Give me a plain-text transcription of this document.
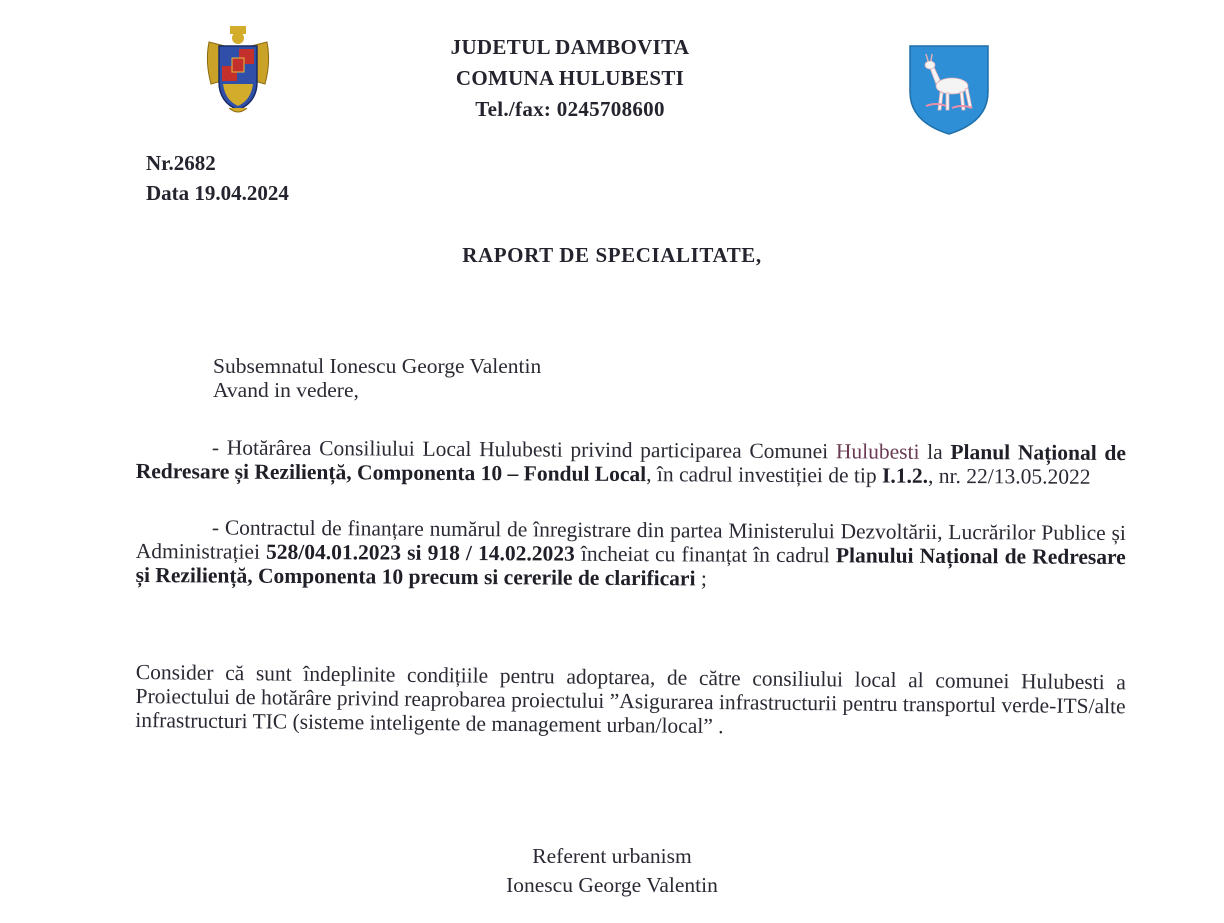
JUDETUL DAMBOVITA
COMUNA HULUBESTI
Tel./fax: 0245708600
Nr.2682
Data 19.04.2024
RAPORT DE SPECIALITATE,
Subsemnatul Ionescu George Valentin
Avand in vedere,
- Hotărârea Consiliului Local Hulubesti privind participarea Comunei Hulubesti la Planul Național de Redresare și Reziliență, Componenta 10 – Fondul Local, în cadrul investiției de tip I.1.2., nr. 22/13.05.2022
- Contractul de finanțare numărul de înregistrare din partea Ministerului Dezvoltării, Lucrărilor Publice și Administrației 528/04.01.2023 si 918 / 14.02.2023 încheiat cu finanțat în cadrul Planului Național de Redresare și Reziliență, Componenta 10 precum si cererile de clarificari ;
Consider că sunt îndeplinite condițiile pentru adoptarea, de către consiliului local al comunei Hulubesti a Proiectului de hotărâre privind reaprobarea proiectului ”Asigurarea infrastructurii pentru transportul verde-ITS/alte infrastructuri TIC (sisteme inteligente de management urban/local” .
Referent urbanism
Ionescu George Valentin
